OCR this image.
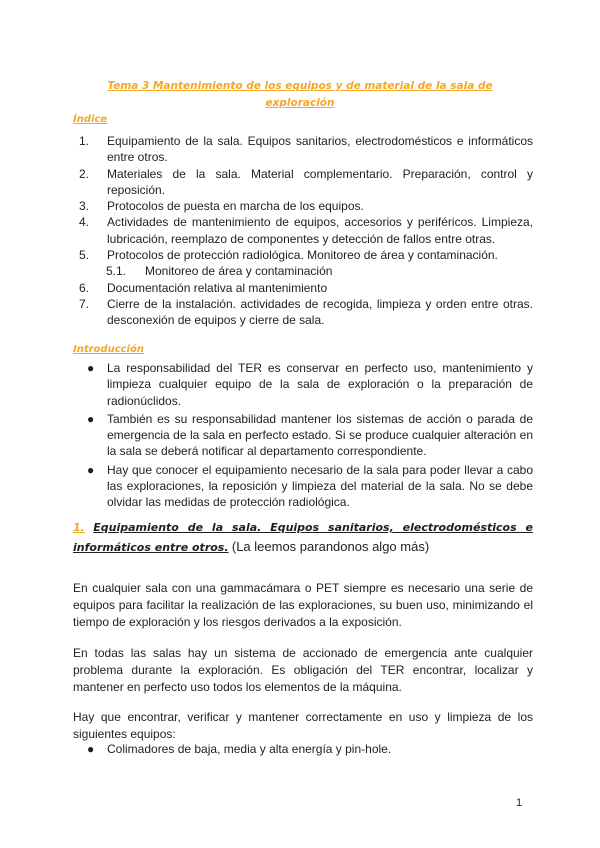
Tema 3 Mantenimiento de los equipos y de material de la sala de
exploración
Índice
1.	Equipamiento de la sala. Equipos sanitarios, electrodomésticos e informáticos entre otros.
2.	Materiales de la sala. Material complementario. Preparación, control y reposición.
3.	Protocolos de puesta en marcha de los equipos.
4.	Actividades de mantenimiento de equipos, accesorios y periféricos. Limpieza, lubricación, reemplazo de componentes y detección de fallos entre otras.
5.	Protocolos de protección radiológica. Monitoreo de área y contaminación.
5.1.	Monitoreo de área y contaminación
6.	Documentación relativa al mantenimiento
7.	Cierre de la instalación. actividades de recogida, limpieza y orden entre otras. desconexión de equipos y cierre de sala.
Introducción
●	La responsabilidad del TER es conservar en perfecto uso, mantenimiento y limpieza cualquier equipo de la sala de exploración o la preparación de radionúclidos.
●	También es su responsabilidad mantener los sistemas de acción o parada de emergencia de la sala en perfecto estado. Si se produce cualquier alteración en la sala se deberá notificar al departamento correspondiente.
●	Hay que conocer el equipamiento necesario de la sala para poder llevar a cabo las exploraciones, la reposición y limpieza del material de la sala. No se debe olvidar las medidas de protección radiológica.
1. Equipamiento de la sala. Equipos sanitarios, electrodomésticos e informáticos entre otros. (La leemos parandonos algo más)
En cualquier sala con una gammacámara o PET siempre es necesario una serie de equipos para facilitar la realización de las exploraciones, su buen uso, minimizando el tiempo de exploración y los riesgos derivados a la exposición.
En todas las salas hay un sistema de accionado de emergencia ante cualquier problema durante la exploración. Es obligación del TER encontrar, localizar y mantener en perfecto uso todos los elementos de la máquina.
Hay que encontrar, verificar y mantener correctamente en uso y limpieza de los siguientes equipos:
●	Colimadores de baja, media y alta energía y pin-hole.
1
